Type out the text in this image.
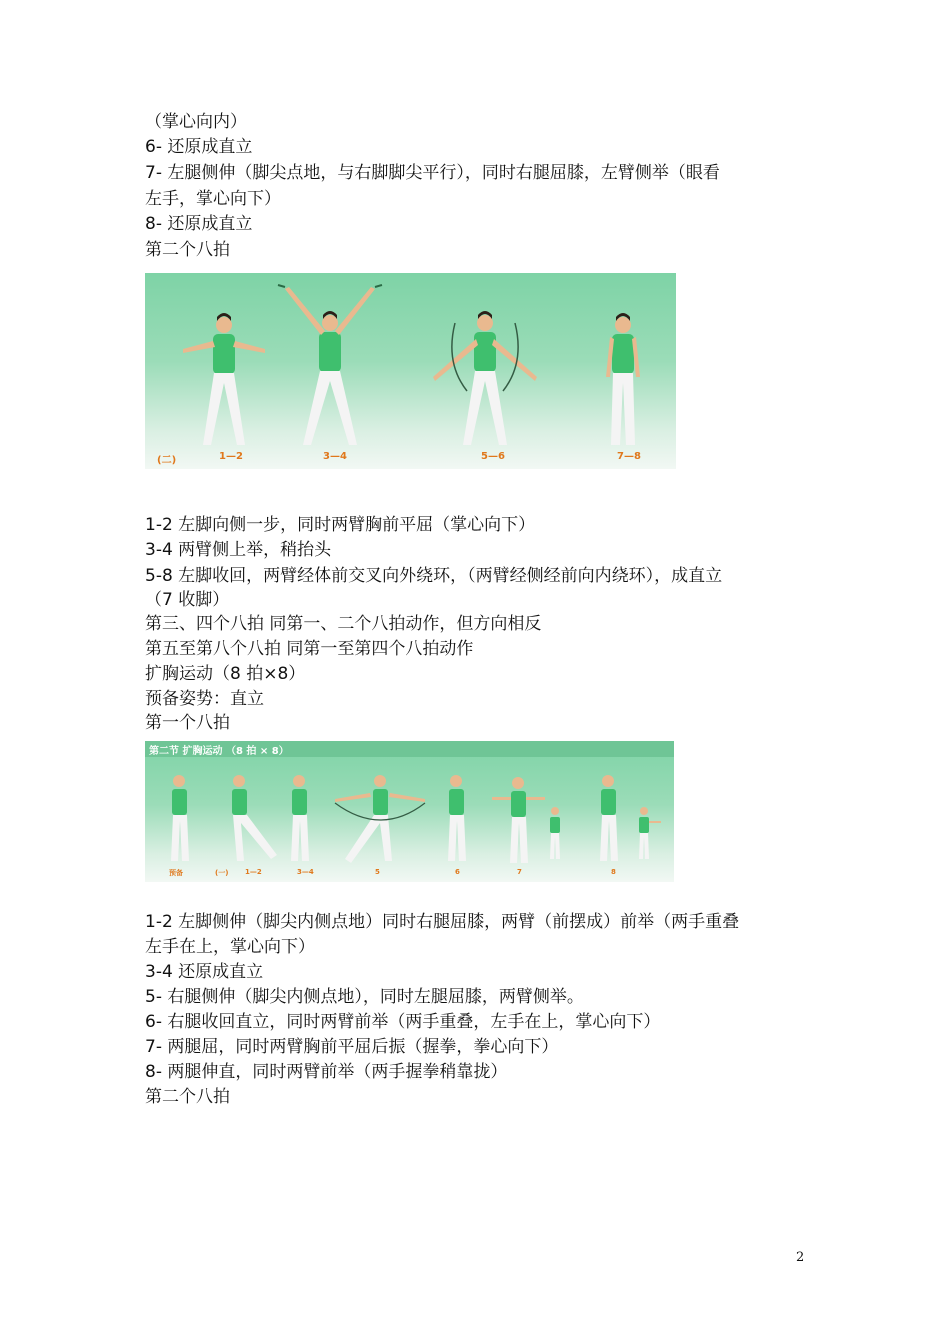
（掌心向内）
6- 还原成直立
7- 左腿侧伸（脚尖点地，与右脚脚尖平行），同时右腿屈膝，左臂侧举（眼看
左手，掌心向下）
8- 还原成直立
第二个八拍
(二)	1—2	3—4	5—6	7—8
1-2 左脚向侧一步，同时两臂胸前平屈（掌心向下）
3-4 两臂侧上举，稍抬头
5-8 左脚收回，两臂经体前交叉向外绕环，（两臂经侧经前向内绕环），成直立
（7 收脚）
第三、四个八拍 同第一、二个八拍动作，但方向相反
第五至第八个八拍 同第一至第四个八拍动作
扩胸运动（8 拍×8）
预备姿势：直立
第一个八拍
第二节 扩胸运动 （8 拍 × 8）
预备	(一) 1—2	3—4	5	6	7	8
1-2 左脚侧伸（脚尖内侧点地）同时右腿屈膝，两臂（前摆成）前举（两手重叠
左手在上，掌心向下）
3-4 还原成直立
5- 右腿侧伸（脚尖内侧点地），同时左腿屈膝，两臂侧举。
6- 右腿收回直立，同时两臂前举（两手重叠，左手在上，掌心向下）
7- 两腿屈，同时两臂胸前平屈后振（握拳，拳心向下）
8- 两腿伸直，同时两臂前举（两手握拳稍靠拢）
第二个八拍
2
